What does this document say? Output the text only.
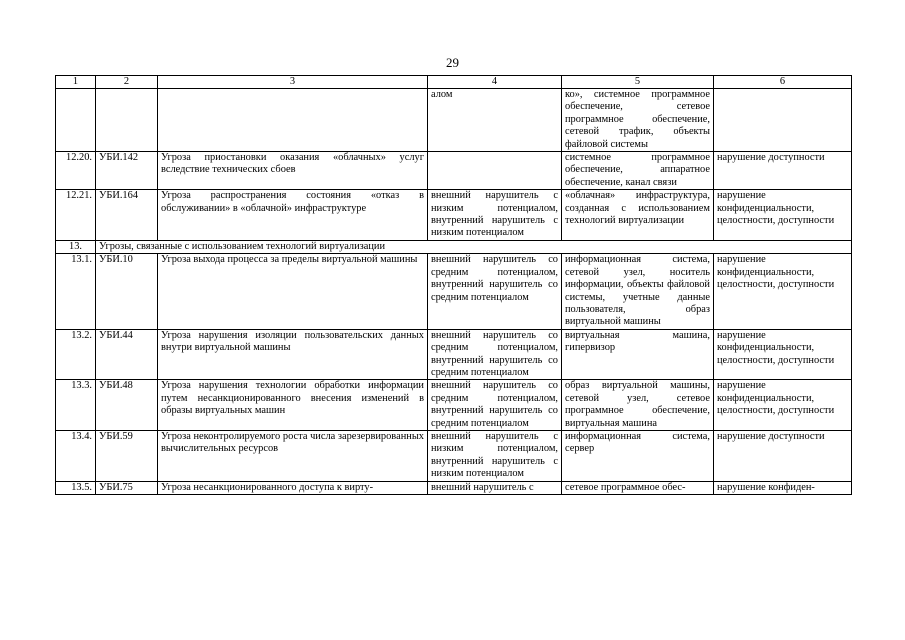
29
1	2	3	4	5	6
			алом	ко», системное программное обеспечение, сетевое программное обеспечение, сетевой трафик, объекты файловой системы	
12.20.	УБИ.142	Угроза приостановки оказания «облачных» услуг вследствие технических сбоев		системное программное обеспечение, аппаратное обеспечение, канал связи	нарушение доступности
12.21.	УБИ.164	Угроза распространения состояния «отказ в обслуживании» в «облачной» инфраструктуре	внешний нарушитель с низким потенциалом, внутренний нарушитель с низким потенциалом	«облачная» инфраструктура, созданная с использованием технологий виртуализации	нарушение конфиденциальности, целостности, доступности
13.	Угрозы, связанные с использованием технологий виртуализации				
13.1.	УБИ.10	Угроза выхода процесса за пределы виртуальной машины	внешний нарушитель со средним потенциалом, внутренний нарушитель со средним потенциалом	информационная система, сетевой узел, носитель информации, объекты файловой системы, учетные данные пользователя, образ виртуальной машины	нарушение конфиденциальности, целостности, доступности
13.2.	УБИ.44	Угроза нарушения изоляции пользовательских данных внутри виртуальной машины	внешний нарушитель со средним потенциалом, внутренний нарушитель со средним потенциалом	виртуальная машина, гипервизор	нарушение конфиденциальности, целостности, доступности
13.3.	УБИ.48	Угроза нарушения технологии обработки информации путем несанкционированного внесения изменений в образы виртуальных машин	внешний нарушитель со средним потенциалом, внутренний нарушитель со средним потенциалом	образ виртуальной машины, сетевой узел, сетевое программное обеспечение, виртуальная машина	нарушение конфиденциальности, целостности, доступности
13.4.	УБИ.59	Угроза неконтролируемого роста числа зарезервированных вычислительных ресурсов	внешний нарушитель с низким потенциалом, внутренний нарушитель с низким потенциалом	информационная система, сервер	нарушение доступности
13.5.	УБИ.75	Угроза несанкционированного доступа к вирту-	внешний нарушитель с	сетевое программное обес-	нарушение конфиден-
